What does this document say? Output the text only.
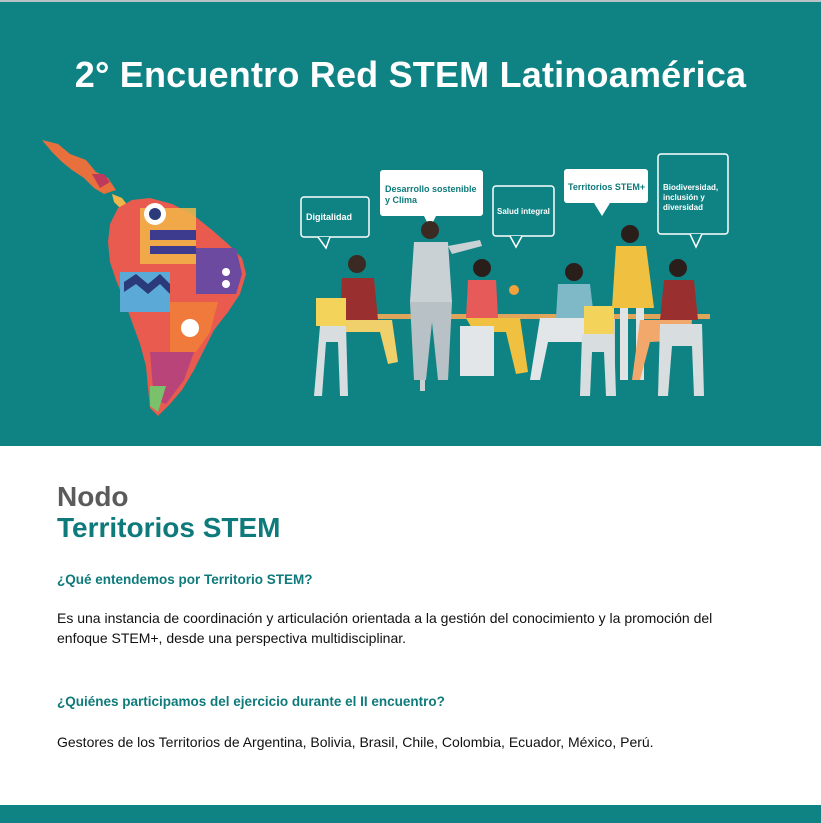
2° Encuentro Red STEM Latinoamérica
Digitalidad
Desarrollo sostenible
y Clima
Salud integral
Territorios STEM+ Biodiversidad,
inclusión y
diversidad

Nodo

Territorios STEM

¿Qué entendemos por Territorio STEM?
Es una instancia de coordinación y articulación orientada a la gestión del conocimiento y la promoción del enfoque STEM+, desde una perspectiva multidisciplinar.
¿Quiénes participamos del ejercicio durante el II encuentro?
Gestores de los Territorios de Argentina, Bolivia, Brasil, Chile, Colombia, Ecuador, México, Perú.
